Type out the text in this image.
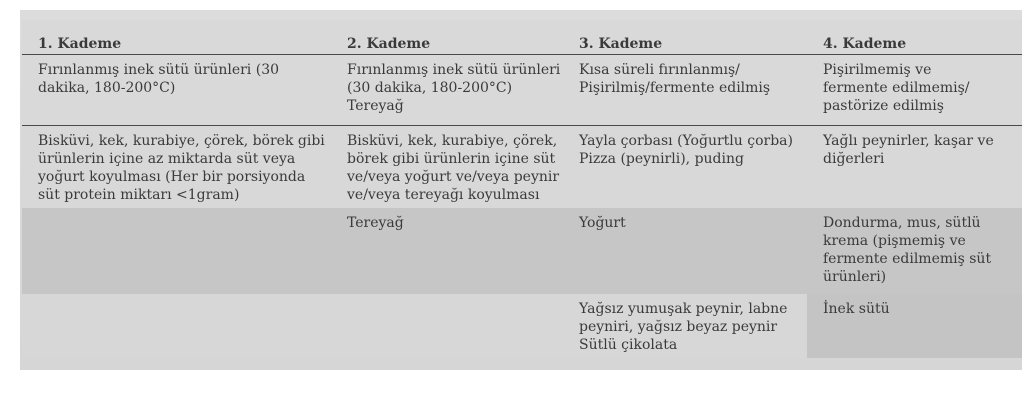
1. Kademe	2. Kademe	3. Kademe	4. Kademe

Fırınlanmış inek sütü ürünleri (30
dakika, 180-200°C)	Fırınlanmış inek sütü ürünleri
(30 dakika, 180-200°C)
Tereyağ	Kısa süreli fırınlanmış/
Pişirilmiş/fermente edilmiş	Pişirilmemiş ve
fermente edilmemiş/
pastörize edilmiş

Bisküvi, kek, kurabiye, çörek, börek gibi
ürünlerin içine az miktarda süt veya
yoğurt koyulması (Her bir porsiyonda
süt protein miktarı <1gram)	Bisküvi, kek, kurabiye, çörek,
börek gibi ürünlerin içine süt
ve/veya yoğurt ve/veya peynir
ve/veya tereyağı koyulması	Yayla çorbası (Yoğurtlu çorba)
Pizza (peynirli), puding	Yağlı peynirler, kaşar ve
diğerleri

	Tereyağ	Yoğurt	Dondurma, mus, sütlü
krema (pişmemiş ve
fermente edilmemiş süt
ürünleri)

		Yağsız yumuşak peynir, labne
peyniri, yağsız beyaz peynir
Sütlü çikolata	İnek sütü
